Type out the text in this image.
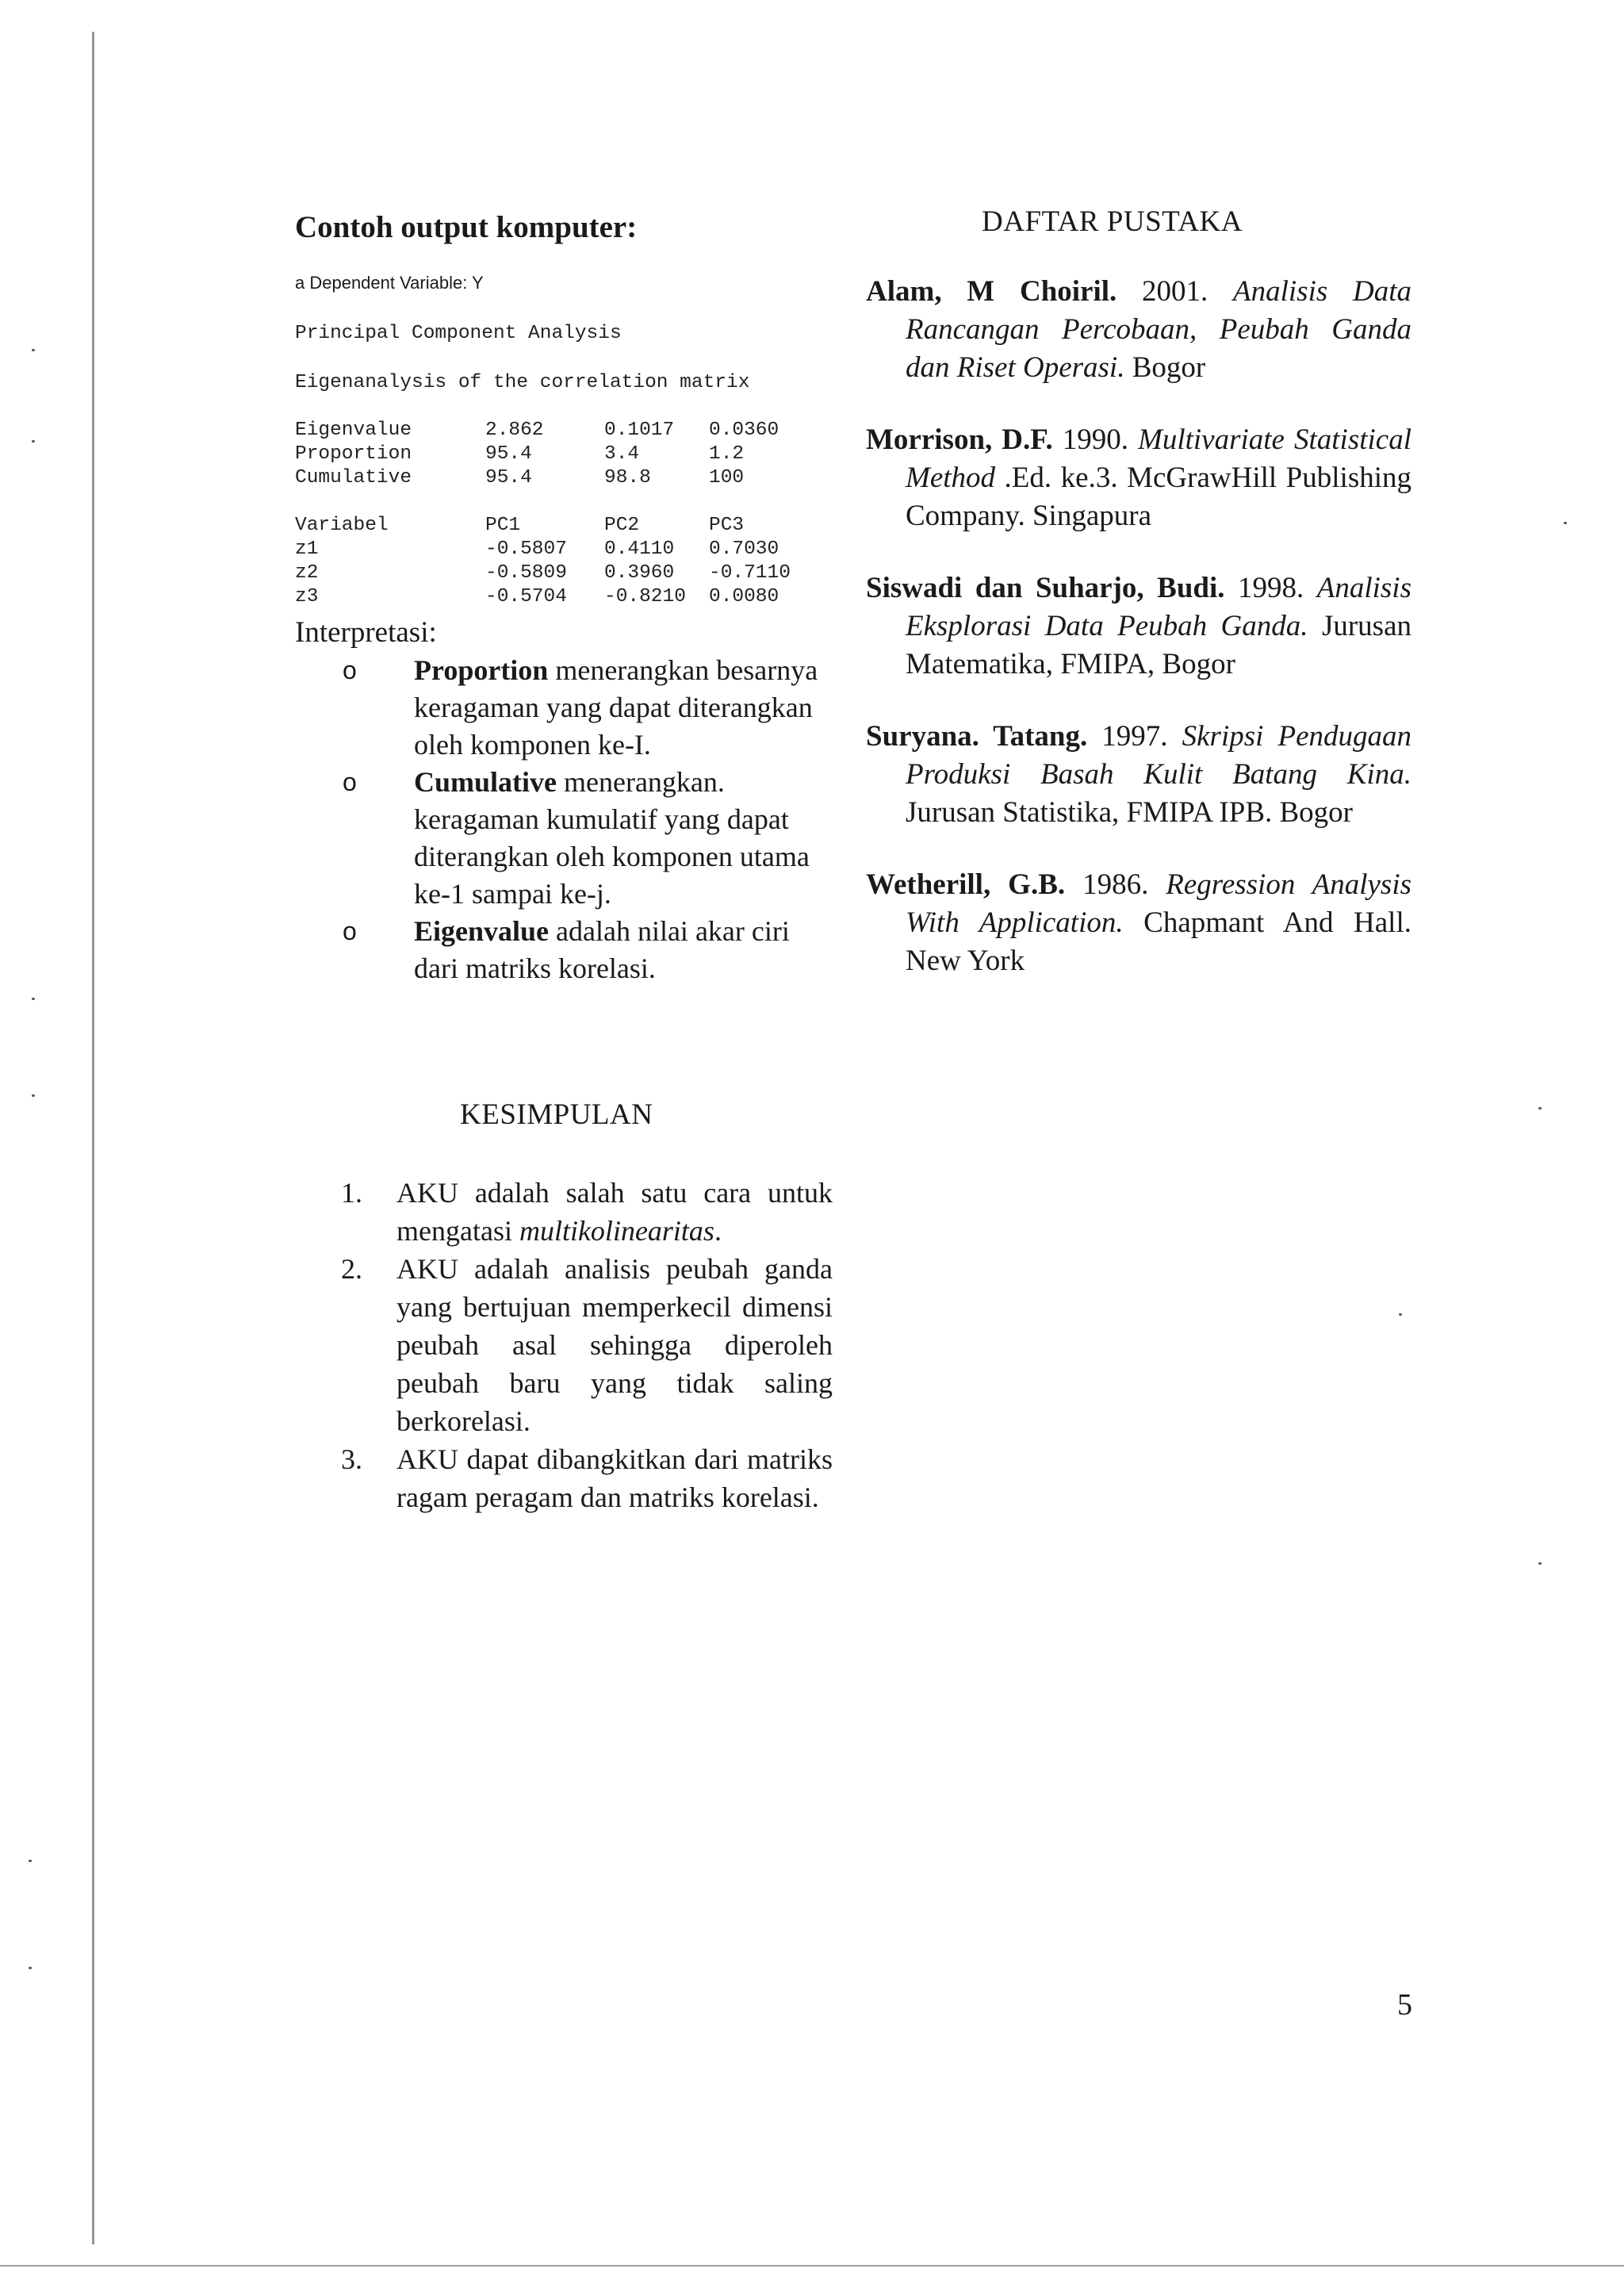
Contoh output komputer:
a Dependent Variable: Y
Principal Component Analysis
Eigenanalysis of the correlation matrix
Eigenvalue	2.862	0.1017	0.0360
Proportion	95.4	3.4	1.2
Cumulative	95.4	98.8	100
Variabel	PC1	PC2	PC3
z1	-0.5807	0.4110	0.7030
z2	-0.5809	0.3960	-0.7110
z3	-0.5704	-0.8210	0.0080
Interpretasi:
o Proportion menerangkan besarnya keragaman yang dapat diterangkan oleh komponen ke-I.
o Cumulative menerangkan. keragaman kumulatif yang dapat diterangkan oleh komponen utama ke-1 sampai ke-j.
o Eigenvalue adalah nilai akar ciri dari matriks korelasi.
KESIMPULAN
1. AKU adalah salah satu cara untuk mengatasi multikolinearitas.
2. AKU adalah analisis peubah ganda yang bertujuan memperkecil dimensi peubah asal sehingga diperoleh peubah baru yang tidak saling berkorelasi.
3. AKU dapat dibangkitkan dari matriks ragam peragam dan matriks korelasi.
DAFTAR PUSTAKA
Alam, M Choiril. 2001. Analisis Data Rancangan Percobaan, Peubah Ganda dan Riset Operasi. Bogor
Morrison, D.F. 1990. Multivariate Statistical Method .Ed. ke.3. McGrawHill Publishing Company. Singapura
Siswadi dan Suharjo, Budi. 1998. Analisis Eksplorasi Data Peubah Ganda. Jurusan Matematika, FMIPA, Bogor
Suryana. Tatang. 1997. Skripsi Pendugaan Produksi Basah Kulit Batang Kina. Jurusan Statistika, FMIPA IPB. Bogor
Wetherill, G.B. 1986. Regression Analysis With Application. Chapmant And Hall. New York
5
